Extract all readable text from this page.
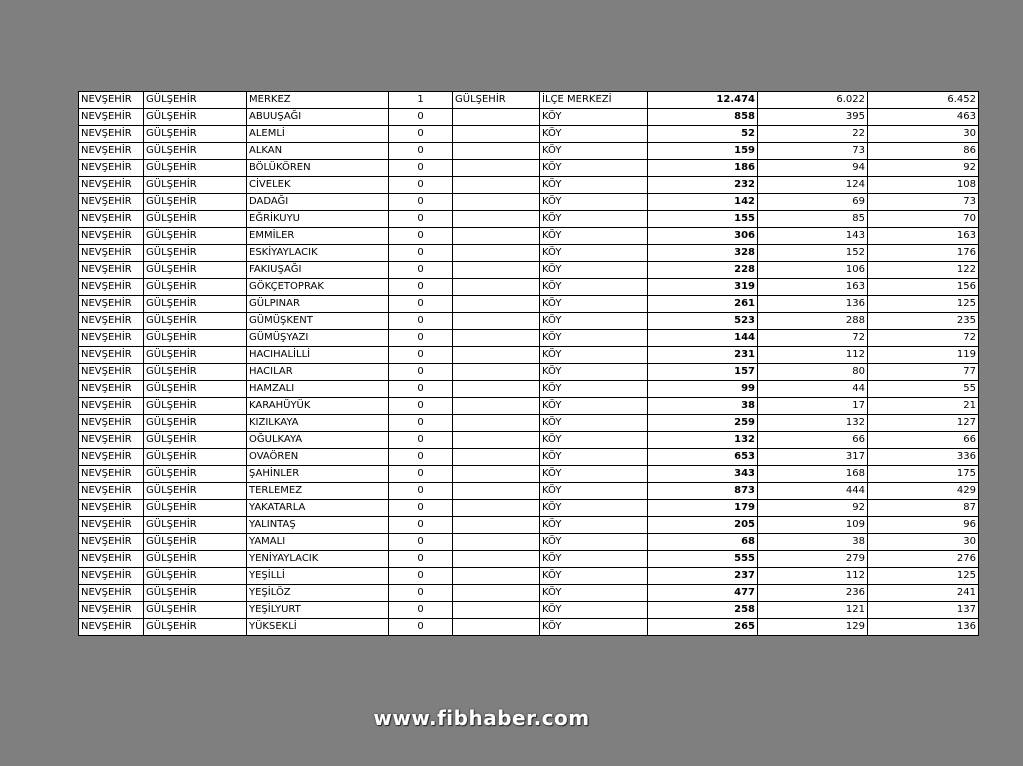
NEVŞEHİR	GÜLŞEHİR	MERKEZ	1	GÜLŞEHİR	İLÇE MERKEZİ	12.474	6.022	6.452
NEVŞEHİR	GÜLŞEHİR	ABUUŞAĞI	0		KÖY	858	395	463
NEVŞEHİR	GÜLŞEHİR	ALEMLİ	0		KÖY	52	22	30
NEVŞEHİR	GÜLŞEHİR	ALKAN	0		KÖY	159	73	86
NEVŞEHİR	GÜLŞEHİR	BÖLÜKÖREN	0		KÖY	186	94	92
NEVŞEHİR	GÜLŞEHİR	CİVELEK	0		KÖY	232	124	108
NEVŞEHİR	GÜLŞEHİR	DADAĞI	0		KÖY	142	69	73
NEVŞEHİR	GÜLŞEHİR	EĞRİKUYU	0		KÖY	155	85	70
NEVŞEHİR	GÜLŞEHİR	EMMİLER	0		KÖY	306	143	163
NEVŞEHİR	GÜLŞEHİR	ESKİYAYLACIK	0		KÖY	328	152	176
NEVŞEHİR	GÜLŞEHİR	FAKIUŞAĞI	0		KÖY	228	106	122
NEVŞEHİR	GÜLŞEHİR	GÖKÇETOPRAK	0		KÖY	319	163	156
NEVŞEHİR	GÜLŞEHİR	GÜLPINAR	0		KÖY	261	136	125
NEVŞEHİR	GÜLŞEHİR	GÜMÜŞKENT	0		KÖY	523	288	235
NEVŞEHİR	GÜLŞEHİR	GÜMÜŞYAZI	0		KÖY	144	72	72
NEVŞEHİR	GÜLŞEHİR	HACIHALİLLİ	0		KÖY	231	112	119
NEVŞEHİR	GÜLŞEHİR	HACILAR	0		KÖY	157	80	77
NEVŞEHİR	GÜLŞEHİR	HAMZALI	0		KÖY	99	44	55
NEVŞEHİR	GÜLŞEHİR	KARAHÜYÜK	0		KÖY	38	17	21
NEVŞEHİR	GÜLŞEHİR	KIZILKAYA	0		KÖY	259	132	127
NEVŞEHİR	GÜLŞEHİR	OĞULKAYA	0		KÖY	132	66	66
NEVŞEHİR	GÜLŞEHİR	OVAÖREN	0		KÖY	653	317	336
NEVŞEHİR	GÜLŞEHİR	ŞAHİNLER	0		KÖY	343	168	175
NEVŞEHİR	GÜLŞEHİR	TERLEMEZ	0		KÖY	873	444	429
NEVŞEHİR	GÜLŞEHİR	YAKATARLA	0		KÖY	179	92	87
NEVŞEHİR	GÜLŞEHİR	YALINTAŞ	0		KÖY	205	109	96
NEVŞEHİR	GÜLŞEHİR	YAMALI	0		KÖY	68	38	30
NEVŞEHİR	GÜLŞEHİR	YENİYAYLACIK	0		KÖY	555	279	276
NEVŞEHİR	GÜLŞEHİR	YEŞİLLİ	0		KÖY	237	112	125
NEVŞEHİR	GÜLŞEHİR	YEŞİLÖZ	0		KÖY	477	236	241
NEVŞEHİR	GÜLŞEHİR	YEŞİLYURT	0		KÖY	258	121	137
NEVŞEHİR	GÜLŞEHİR	YÜKSEKLİ	0		KÖY	265	129	136
www.fibhaber.com
